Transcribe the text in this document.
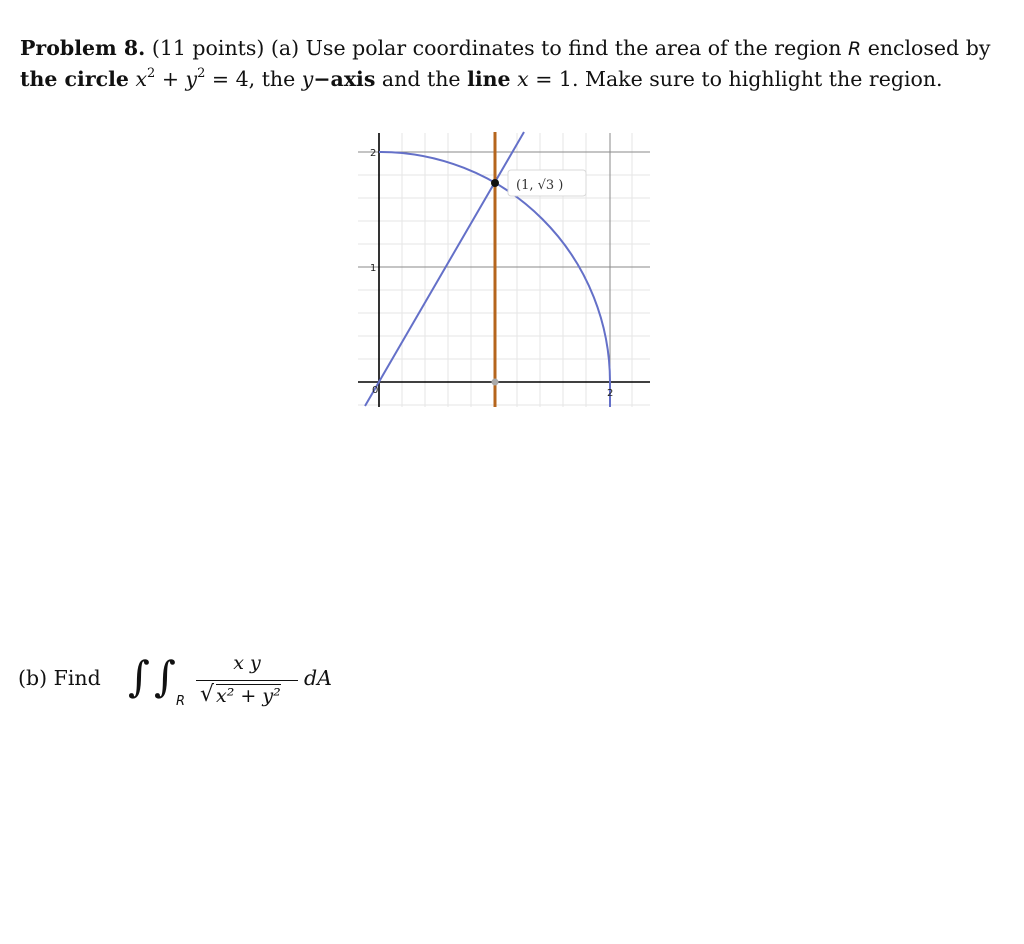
Problem 8. (11 points) (a) Use polar coordinates to find the area of the region R enclosed by
the circle $x^2 + y^2 = 4$, the y−axis and the line x = 1. Make sure to highlight the region.
(1, √3 )
2
1
0	2
(b) Find ∫ ∫
R
x y
√ x² + y²
dA
